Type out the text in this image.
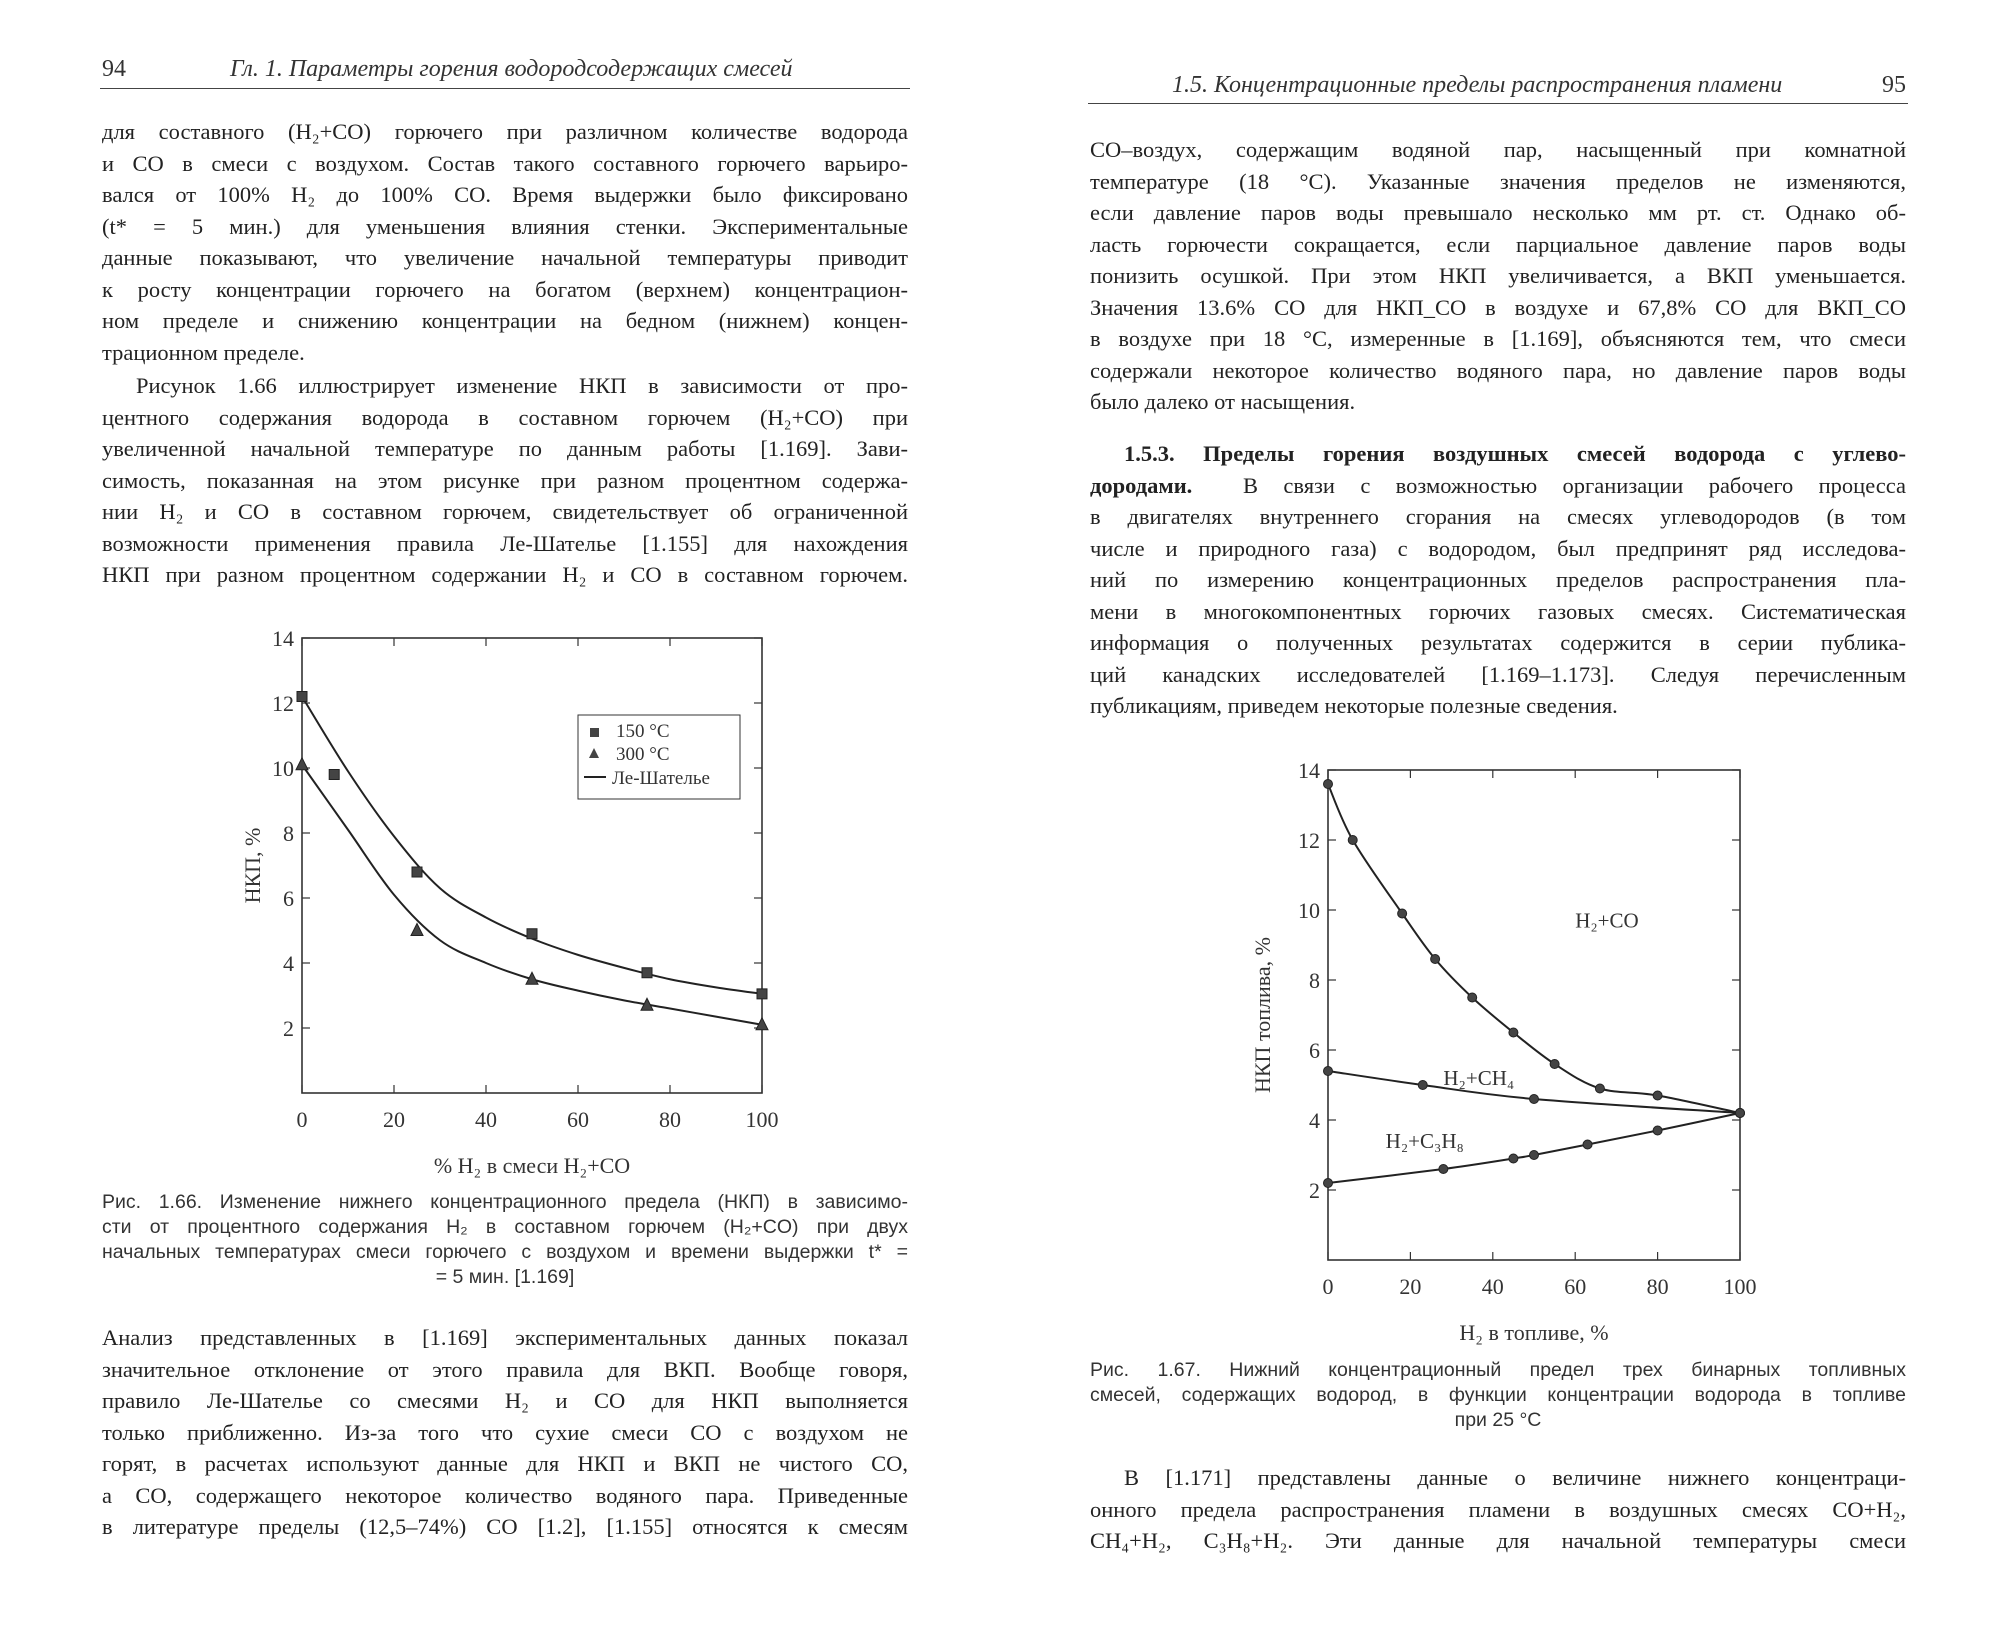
94	Гл. 1. Параметры горения водородсодержащих смесей
для составного (H₂+CO) горючего при различном количестве водорода
и CO в смеси с воздухом. Состав такого составного горючего варьиро-
вался от 100% H₂ до 100% CO. Время выдержки было фиксировано
(t* = 5 мин.) для уменьшения влияния стенки. Экспериментальные
данные показывают, что увеличение начальной температуры приводит
к росту концентрации горючего на богатом (верхнем) концентрацион-
ном пределе и снижению концентрации на бедном (нижнем) концен-
трационном пределе.
Рисунок 1.66 иллюстрирует изменение НКП в зависимости от про-
центного содержания водорода в составном горючем (H₂+CO) при
увеличенной начальной температуре по данным работы [1.169]. Зави-
симость, показанная на этом рисунке при разном процентном содержа-
нии H₂ и CO в составном горючем, свидетельствует об ограниченной
возможности применения правила Ле-Шателье [1.155] для нахождения
НКП при разном процентном содержании H₂ и CO в составном горючем.
0	20	40	60	80	100
2
4
6
8
10
12
14
% H₂ в смеси H₂+CO
НКП, %
150 °C
300 °C
Ле-Шателье
Рис. 1.66. Изменение нижнего концентрационного предела (НКП) в зависимо-
сти от процентного содержания H₂ в составном горючем (H₂+CO) при двух
начальных температурах смеси горючего с воздухом и времени выдержки t* =
= 5 мин. [1.169]
Анализ представленных в [1.169] экспериментальных данных показал
значительное отклонение от этого правила для ВКП. Вообще говоря,
правило Ле-Шателье со смесями H₂ и CO для НКП выполняется
только приближенно. Из-за того что сухие смеси CO с воздухом не
горят, в расчетах используют данные для НКП и ВКП не чистого CO,
а CO, содержащего некоторое количество водяного пара. Приведенные
в литературе пределы (12,5–74%) CO [1.2], [1.155] относятся к смесям
1.5. Концентрационные пределы распространения пламени	95
CO–воздух, содержащим водяной пар, насыщенный при комнатной
температуре (18 °C). Указанные значения пределов не изменяются,
если давление паров воды превышало несколько мм рт. ст. Однако об-
ласть горючести сокращается, если парциальное давление паров воды
понизить осушкой. При этом НКП увеличивается, а ВКП уменьшается.
Значения 13.6% CO для НКП_CO в воздухе и 67,8% CO для ВКП_CO
в воздухе при 18 °C, измеренные в [1.169], объясняются тем, что смеси
содержали некоторое количество водяного пара, но давление паров воды
было далеко от насыщения.
1.5.3. Пределы горения воздушных смесей водорода с углево-
дородами. В связи с возможностью организации рабочего процесса
в двигателях внутреннего сгорания на смесях углеводородов (в том
числе и природного газа) с водородом, был предпринят ряд исследова-
ний по измерению концентрационных пределов распространения пла-
мени в многокомпонентных горючих газовых смесях. Систематическая
информация о полученных результатах содержится в серии публика-
ций канадских исследователей [1.169–1.173]. Следуя перечисленным
публикациям, приведем некоторые полезные сведения.
0	20	40	60	80 100
2
4
6
8
10
12
14
H₂ в топливе, %
НКП топлива, %
H₂+CO
H₂+CH₄
H₂+C₃H₈
Рис. 1.67. Нижний концентрационный предел трех бинарных топливных
смесей, содержащих водород, в функции концентрации водорода в топливе
при 25 °C
В [1.171] представлены данные о величине нижнего концентраци-
онного предела распространения пламени в воздушных смесях CO+H₂,
CH₄+H₂, C₃H₈+H₂. Эти данные для начальной температуры смеси
